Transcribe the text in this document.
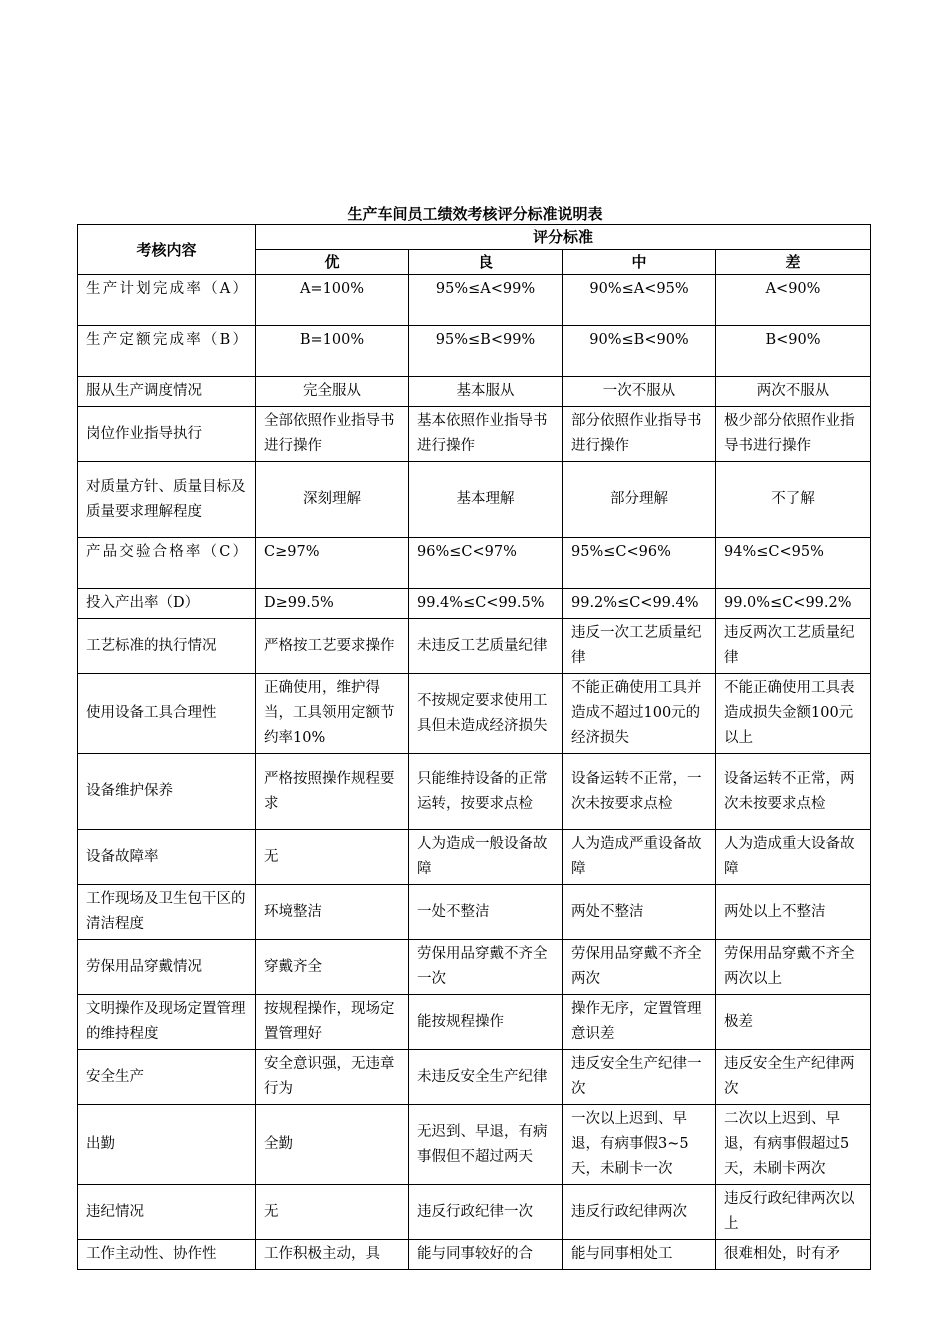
生产车间员工绩效考核评分标准说明表
考核内容	评分标准			
	优	良	中	差
生产计划完成率（A）	A=100%	95%≤A<99%	90%≤A<95%	A<90%
生产定额完成率（B）	B=100%	95%≤B<99%	90%≤B<90%	B<90%
服从生产调度情况	完全服从	基本服从	一次不服从	两次不服从
岗位作业指导执行	全部依照作业指导书进行操作	基本依照作业指导书进行操作	部分依照作业指导书进行操作	极少部分依照作业指导书进行操作
对质量方针、质量目标及质量要求理解程度	深刻理解	基本理解	部分理解	不了解
产品交验合格率（C）	C≥97%	96%≤C<97%	95%≤C<96%	94%≤C<95%
投入产出率（D）	D≥99.5%	99.4%≤C<99.5%	99.2%≤C<99.4%	99.0%≤C<99.2%
工艺标准的执行情况	严格按工艺要求操作	未违反工艺质量纪律	违反一次工艺质量纪律	违反两次工艺质量纪律
使用设备工具合理性	正确使用，维护得当，工具领用定额节约率10%	不按规定要求使用工具但未造成经济损失	不能正确使用工具并造成不超过100元的经济损失	不能正确使用工具表造成损失金额100元以上
设备维护保养	严格按照操作规程要求	只能维持设备的正常运转，按要求点检	设备运转不正常，一次未按要求点检	设备运转不正常，两次未按要求点检
设备故障率	无	人为造成一般设备故障	人为造成严重设备故障	人为造成重大设备故障
工作现场及卫生包干区的清洁程度	环境整洁	一处不整洁	两处不整洁	两处以上不整洁
劳保用品穿戴情况	穿戴齐全	劳保用品穿戴不齐全一次	劳保用品穿戴不齐全两次	劳保用品穿戴不齐全两次以上
文明操作及现场定置管理的维持程度	按规程操作，现场定置管理好	能按规程操作	操作无序，定置管理意识差	极差
安全生产	安全意识强，无违章行为	未违反安全生产纪律	违反安全生产纪律一次	违反安全生产纪律两次
出勤	全勤	无迟到、早退，有病事假但不超过两天	一次以上迟到、早退，有病事假3~5天，未刷卡一次	二次以上迟到、早退，有病事假超过5天，未刷卡两次
违纪情况	无	违反行政纪律一次	违反行政纪律两次	违反行政纪律两次以上
工作主动性、协作性	工作积极主动，具	能与同事较好的合	能与同事相处工	很难相处，时有矛
